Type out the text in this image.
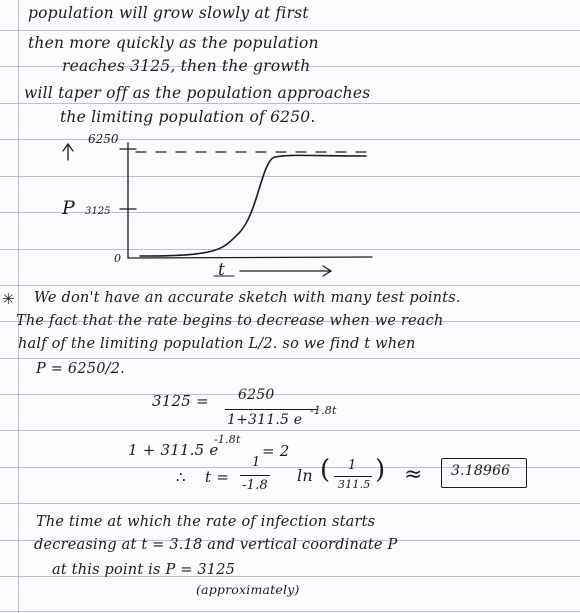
population will grow slowly at first
then more quickly as the population
reaches 3125, then the growth
will taper off as the population approaches
the limiting population of 6250.
6250
P 3125
0
t
✳ We don't have an accurate sketch with many test points.
The fact that the rate begins to decrease when we reach
half of the limiting population L/2. so we find t when
P = 6250/2.
3125 = 6250
1+311.5 e
-1.8t
1 + 311.5 e
-1.8t
= 2
∴ t =
1
-1.8
ln ( 1
311.5 ) ≈ 3.18966
The time at which the rate of infection starts
decreasing at t = 3.18 and vertical coordinate P
at this point is P = 3125
(approximately)
